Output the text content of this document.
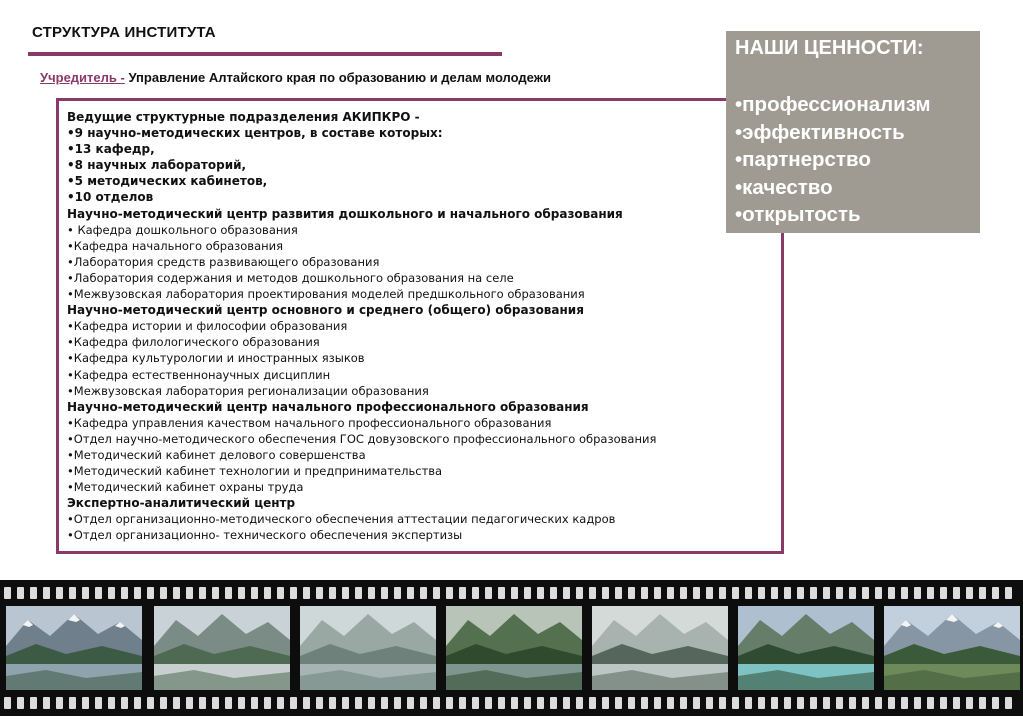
СТРУКТУРА ИНСТИТУТА
Учредитель - Управление Алтайского края по образованию и делам молодежи
Ведущие структурные подразделения АКИПКРО -
•9 научно-методических центров, в составе которых:
•13 кафедр,
•8 научных лабораторий,
•5 методических кабинетов,
•10 отделов
Научно-методический центр развития дошкольного и начального образования
• Кафедра дошкольного образования
•Кафедра начального образования
•Лаборатория средств развивающего образования
•Лаборатория содержания и методов дошкольного образования на селе
•Межвузовская лаборатория проектирования моделей предшкольного образования
Научно-методический центр основного и среднего (общего) образования
•Кафедра истории и философии образования
•Кафедра филологического образования
•Кафедра культурологии и иностранных языков
•Кафедра естественнонаучных дисциплин
•Межвузовская лаборатория регионализации образования
Научно-методический центр начального профессионального образования
•Кафедра управления качеством начального профессионального образования
•Отдел научно-методического обеспечения ГОС довузовского профессионального образования
•Методический кабинет делового совершенства
•Методический кабинет технологии и предпринимательства
•Методический кабинет охраны труда
Экспертно-аналитический центр
•Отдел организационно-методического обеспечения аттестации педагогических кадров
•Отдел организационно- технического обеспечения экспертизы
НАШИ ЦЕННОСТИ:
•профессионализм
•эффективность
•партнерство
•качество
•открытость
